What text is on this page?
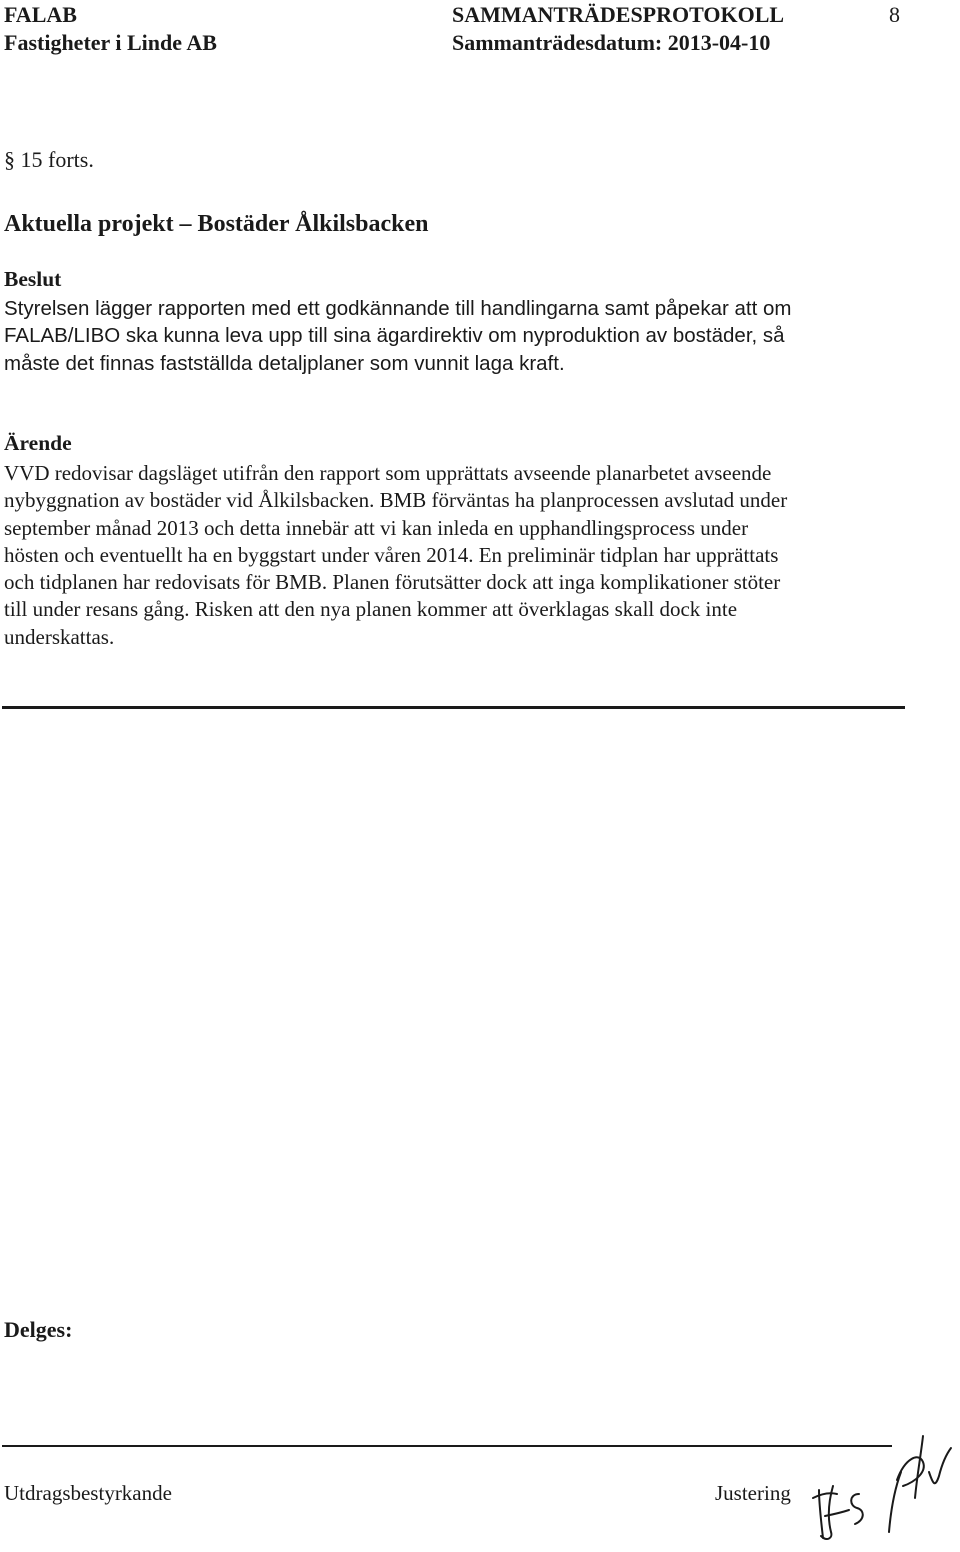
FALAB
Fastigheter i Linde AB
SAMMANTRÄDESPROTOKOLL
Sammanträdesdatum: 2013-04-10
8
§ 15 forts.
Aktuella projekt – Bostäder Ålkilsbacken
Beslut
Styrelsen lägger rapporten med ett godkännande till handlingarna samt påpekar att om
FALAB/LIBO ska kunna leva upp till sina ägardirektiv om nyproduktion av bostäder, så
måste det finnas fastställda detaljplaner som vunnit laga kraft.
Ärende
VVD redovisar dagsläget utifrån den rapport som upprättats avseende planarbetet avseende
nybyggnation av bostäder vid Ålkilsbacken. BMB förväntas ha planprocessen avslutad under
september månad 2013 och detta innebär att vi kan inleda en upphandlingsprocess under
hösten och eventuellt ha en byggstart under våren 2014. En preliminär tidplan har upprättats
och tidplanen har redovisats för BMB. Planen förutsätter dock att inga komplikationer stöter
till under resans gång. Risken att den nya planen kommer att överklagas skall dock inte
underskattas.
Delges:
Utdragsbestyrkande	Justering
